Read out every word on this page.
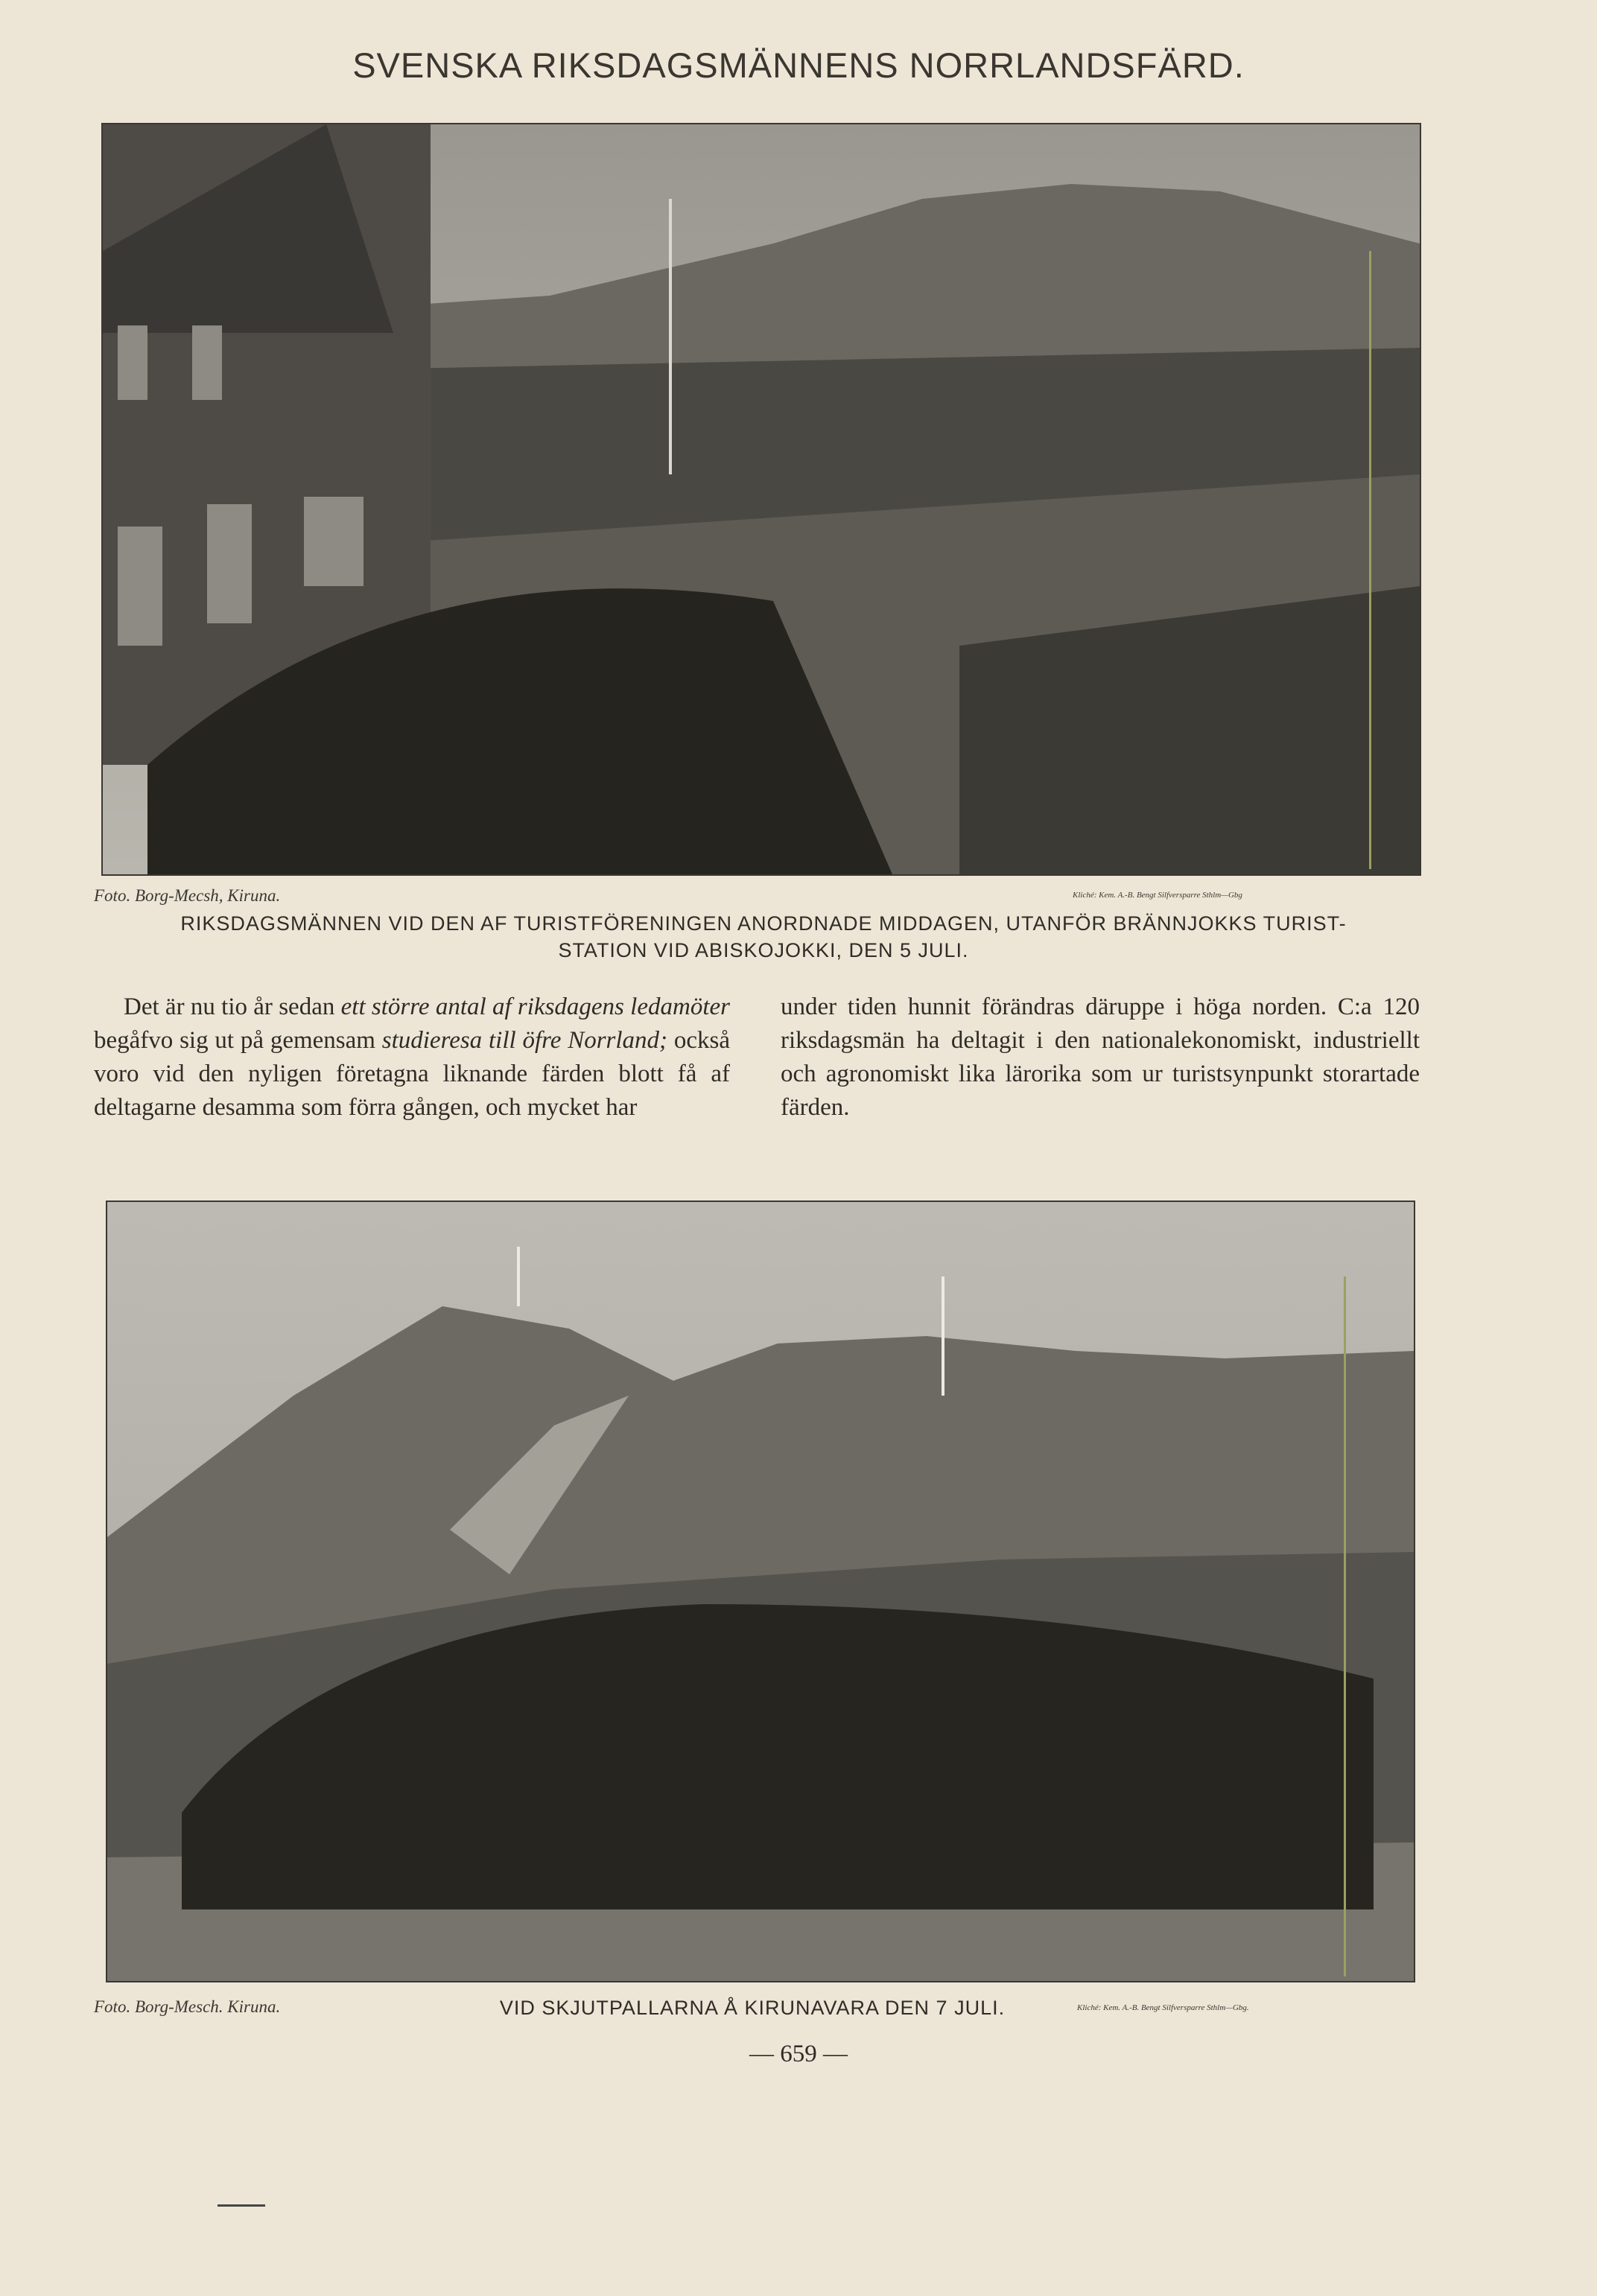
SVENSKA RIKSDAGSMÄNNENS NORRLANDSFÄRD.
Foto. Borg-Mecsh, Kiruna.	Kliché: Kem. A.-B. Bengt Silfversparre Sthlm—Gbg
RIKSDAGSMÄNNEN VID DEN AF TURISTFÖRENINGEN ANORDNADE MIDDAGEN, UTANFÖR BRÄNNJOKKS TURIST-
STATION VID ABISKOJOKKI, DEN 5 JULI.
Det är nu tio år sedan ett större antal af riksdagens ledamöter begåfvo sig ut på gemensam studieresa till öfre Norrland; också voro vid den nyligen företagna liknande färden blott få af deltagarne desamma som förra gången, och mycket har
under tiden hunnit förändras däruppe i höga norden. C:a 120 riksdagsmän ha deltagit i den nationalekonomiskt, industriellt och agronomiskt lika lärorika som ur turistsynpunkt storartade färden.
Foto. Borg-Mesch. Kiruna.	VID SKJUTPALLARNA Å KIRUNAVARA DEN 7 JULI.	Kliché: Kem. A.-B. Bengt Silfversparre Sthlm—Gbg.
— 659 —
